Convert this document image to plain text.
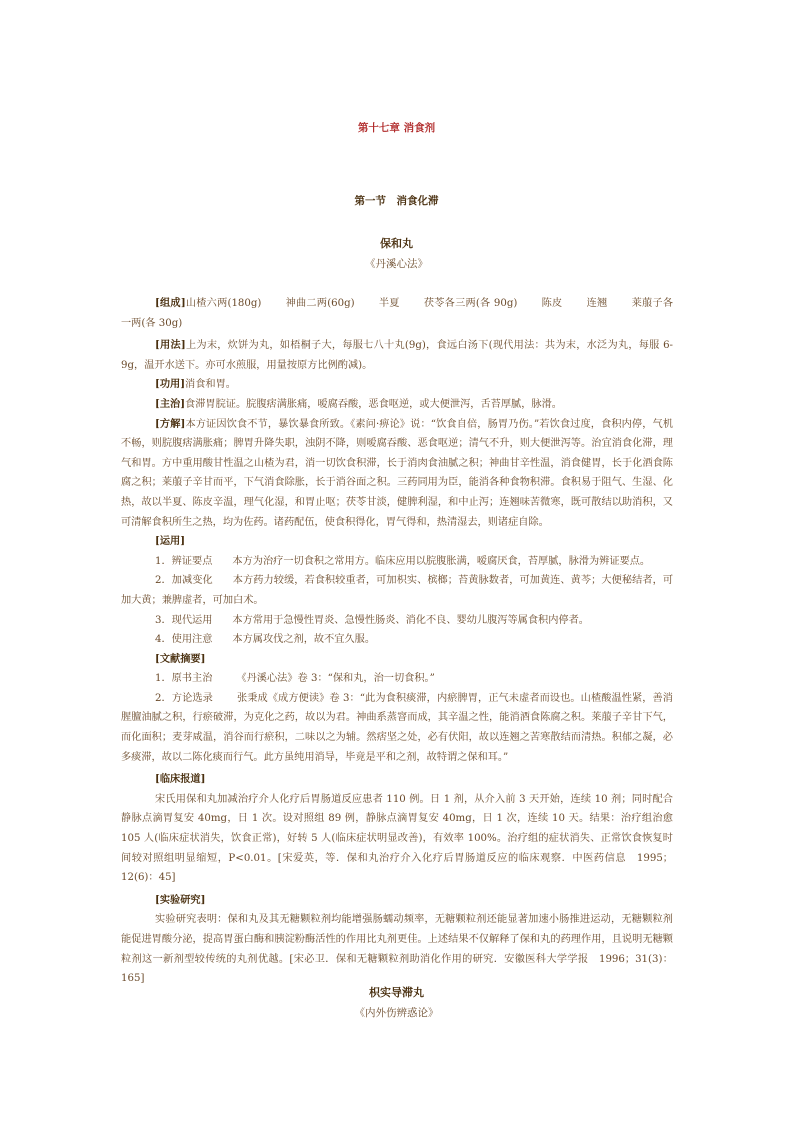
第十七章 消食剂
第一节　消食化滞
保和丸
《丹溪心法》

[组成]山楂六两(180g) 神曲二两(60g) 半夏 茯苓各三两(各 90g) 陈皮 连翘 莱菔子各一两(各 30g)

[用法]上为末，炊饼为丸，如梧桐子大，每服七八十丸(9g)，食远白汤下(现代用法：共为末，水泛为丸，每服 6-9g，温开水送下。亦可水煎服，用量按原方比例酌减)。

[功用]消食和胃。

[主治]食滞胃脘证。脘腹痞满胀痛，嗳腐吞酸，恶食呕逆，或大便泄泻，舌苔厚腻，脉滑。

[方解]本方证因饮食不节，暴饮暴食所致。《素问·痹论》说：“饮食自倍，肠胃乃伤。”若饮食过度，食积内停，气机不畅，则脘腹痞满胀痛；脾胃升降失职，浊阴不降，则嗳腐吞酸、恶食呕逆；清气不升，则大便泄泻等。治宜消食化滞，理气和胃。方中重用酸甘性温之山楂为君，消一切饮食积滞，长于消肉食油腻之积；神曲甘辛性温，消食健胃，长于化酒食陈腐之积；莱菔子辛甘而平，下气消食除胀，长于消谷面之积。三药同用为臣，能消各种食物积滞。食积易于阻气、生湿、化热，故以半夏、陈皮辛温，理气化湿，和胃止呕；茯苓甘淡，健脾利湿，和中止泻；连翘味苦微寒，既可散结以助消积，又可清解食积所生之热，均为佐药。诸药配伍，使食积得化，胃气得和，热清湿去，则诸症自除。

[运用]

1．辨证要点 本方为治疗一切食积之常用方。临床应用以脘腹胀满，嗳腐厌食，苔厚腻，脉滑为辨证要点。

2．加减变化 本方药力较缓，若食积较重者，可加枳实、槟榔；苔黄脉数者，可加黄连、黄芩；大便秘结者，可加大黄；兼脾虚者，可加白术。

3．现代运用 本方常用于急慢性胃炎、急慢性肠炎、消化不良、婴幼儿腹泻等属食积内停者。

4．使用注意 本方属攻伐之剂，故不宜久服。

[文献摘要]

1．原书主治 《丹溪心法》卷 3：“保和丸，治一切食积。”

2．方论选录 张秉成《成方便读》卷 3：“此为食积痰滞，内瘀脾胃，正气未虚者而设也。山楂酸温性紧，善消腥膻油腻之积，行瘀破滞，为克化之药，故以为君。神曲系蒸窨而成，其辛温之性，能消酒食陈腐之积。莱菔子辛甘下气，而化面积；麦芽咸温，消谷而行瘀积，二味以之为辅。然痞坚之处，必有伏阳，故以连翘之苦寒散结而清热。积郁之凝，必多痰滞，故以二陈化痰而行气。此方虽纯用消导，毕竟是平和之剂，故特谓之保和耳。”

[临床报道]

宋氏用保和丸加减治疗介人化疗后胃肠道反应患者 110 例。日 1 剂，从介入前 3 天开始，连续 10 剂；同时配合静脉点滴胃复安 40mg，日 1 次。设对照组 89 例，静脉点滴胃复安 40mg，日 1 次，连续 10 天。结果：治疗组治愈 105 人(临床症状消失，饮食正常)，好转 5 人(临床症状明显改善)，有效率 100%。治疗组的症状消失、正常饮食恢复时间较对照组明显缩短，P<0.01。[宋爱英，等．保和丸治疗介入化疗后胃肠道反应的临床观察．中医药信息　1995；12(6)：45]

[实验研究]

实验研究表明：保和丸及其无糖颗粒剂均能增强肠蠕动频率，无糖颗粒剂还能显著加速小肠推进运动，无糖颗粒剂能促进胃酸分泌，提高胃蛋白酶和胰淀粉酶活性的作用比丸剂更佳。上述结果不仅解释了保和丸的药理作用，且说明无糖颗粒剂这一新剂型较传统的丸剂优越。[宋必卫．保和无糖颗粒剂助消化作用的研究．安徽医科大学学报　1996；31(3)： 165]

枳实导滞丸
《内外伤辨惑论》
